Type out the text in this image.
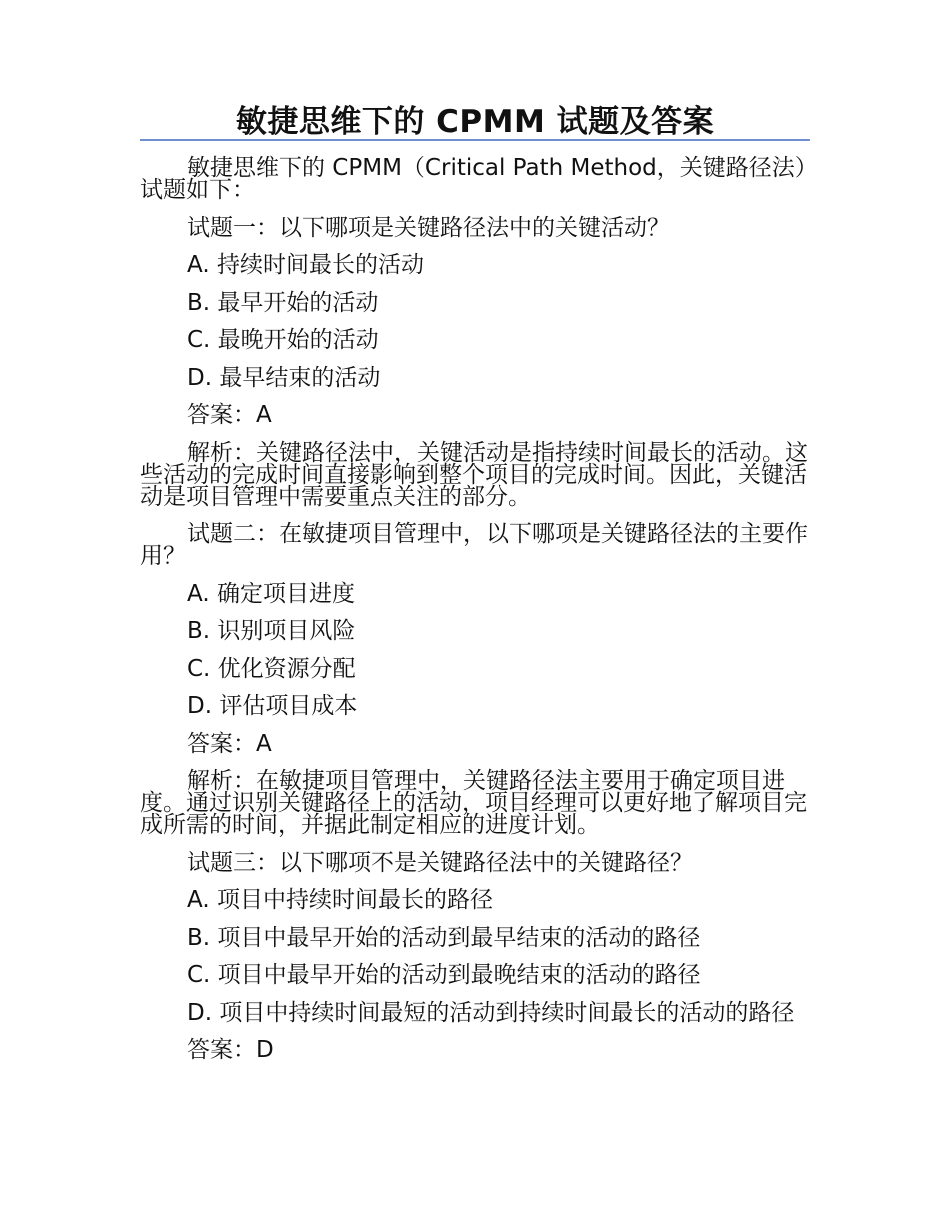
敏捷思维下的 CPMM 试题及答案

敏捷思维下的 CPMM（Critical Path Method，关键路径法）试题如下：

试题一：以下哪项是关键路径法中的关键活动？

A. 持续时间最长的活动

B. 最早开始的活动

C. 最晚开始的活动

D. 最早结束的活动

答案：A

解析：关键路径法中，关键活动是指持续时间最长的活动。这些活动的完成时间直接影响到整个项目的完成时间。因此，关键活动是项目管理中需要重点关注的部分。

试题二：在敏捷项目管理中，以下哪项是关键路径法的主要作用？

A. 确定项目进度

B. 识别项目风险

C. 优化资源分配

D. 评估项目成本

答案：A

解析：在敏捷项目管理中，关键路径法主要用于确定项目进度。通过识别关键路径上的活动，项目经理可以更好地了解项目完成所需的时间，并据此制定相应的进度计划。

试题三：以下哪项不是关键路径法中的关键路径？

A. 项目中持续时间最长的路径

B. 项目中最早开始的活动到最早结束的活动的路径

C. 项目中最早开始的活动到最晚结束的活动的路径

D. 项目中持续时间最短的活动到持续时间最长的活动的路径

答案：D
